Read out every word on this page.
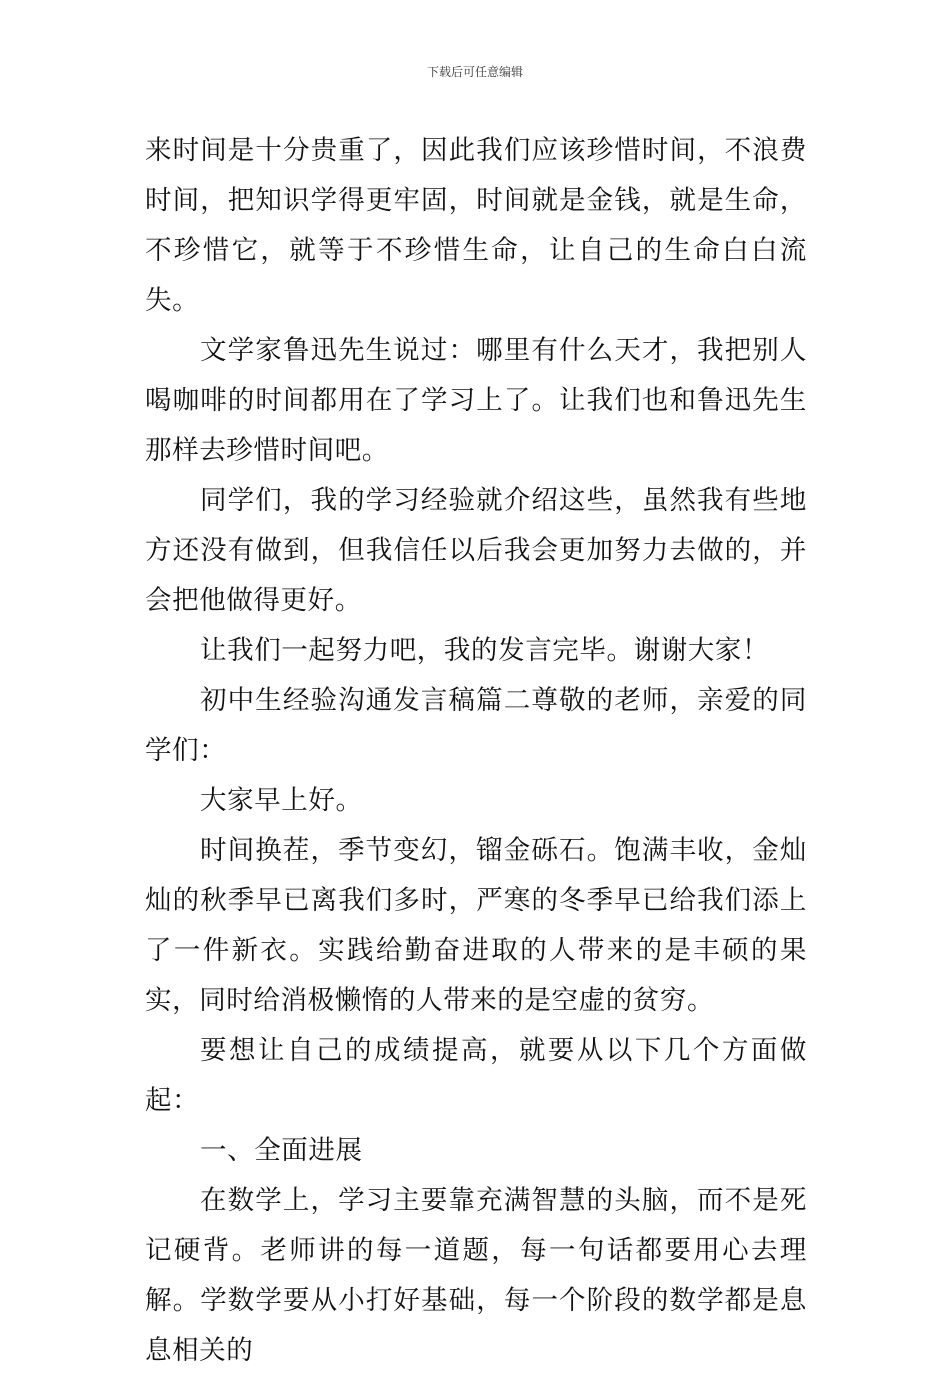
下载后可任意编辑

来时间是十分贵重了，因此我们应该珍惜时间，不浪费时间，把知识学得更牢固，时间就是金钱，就是生命，不珍惜它，就等于不珍惜生命，让自己的生命白白流失。

文学家鲁迅先生说过：哪里有什么天才，我把别人喝咖啡的时间都用在了学习上了。让我们也和鲁迅先生那样去珍惜时间吧。

同学们，我的学习经验就介绍这些，虽然我有些地方还没有做到，但我信任以后我会更加努力去做的，并会把他做得更好。

让我们一起努力吧，我的发言完毕。谢谢大家！

初中生经验沟通发言稿篇二尊敬的老师，亲爱的同学们：

大家早上好。

时间换茬，季节变幻，镏金砾石。饱满丰收，金灿灿的秋季早已离我们多时，严寒的冬季早已给我们添上了一件新衣。实践给勤奋进取的人带来的是丰硕的果实，同时给消极懒惰的人带来的是空虚的贫穷。

要想让自己的成绩提高，就要从以下几个方面做起：

一、全面进展

在数学上，学习主要靠充满智慧的头脑，而不是死记硬背。老师讲的每一道题，每一句话都要用心去理解。学数学要从小打好基础，每一个阶段的数学都是息息相关的
